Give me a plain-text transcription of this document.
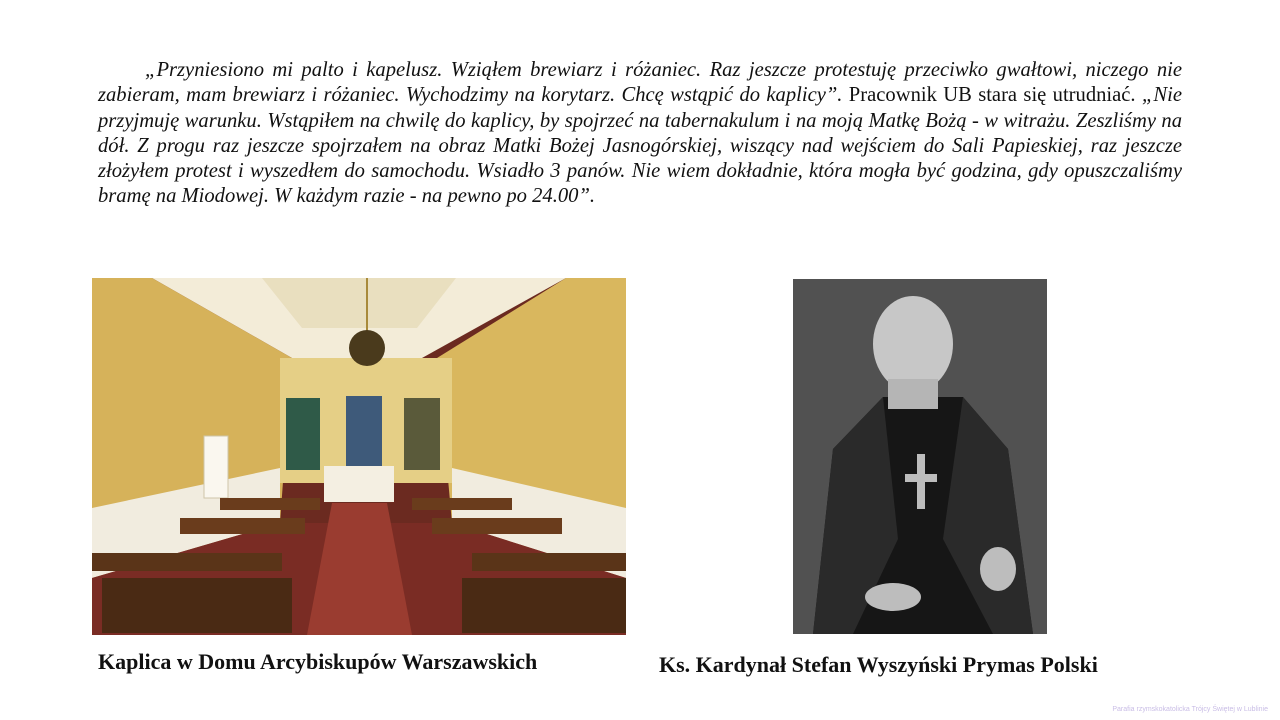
„Przyniesiono mi palto i kapelusz. Wziąłem brewiarz i różaniec. Raz jeszcze protestuję przeciwko gwałtowi, niczego nie zabieram, mam brewiarz i różaniec. Wychodzimy na korytarz. Chcę wstąpić do kaplicy”. Pracownik UB stara się utrudniać. „Nie przyjmuję warunku. Wstąpiłem na chwilę do kaplicy, by spojrzeć na tabernakulum i na moją Matkę Bożą - w witrażu. Zeszliśmy na dół. Z progu raz jeszcze spojrzałem na obraz Matki Bożej Jasnogórskiej, wiszący nad wejściem do Sali Papieskiej, raz jeszcze złożyłem protest i wyszedłem do samochodu. Wsiadło 3 panów. Nie wiem dokładnie, która mogła być godzina, gdy opuszczaliśmy bramę na Miodowej. W każdym razie - na pewno po 24.00”.
Kaplica w Domu Arcybiskupów Warszawskich	Ks. Kardynał Stefan Wyszyński Prymas Polski
Parafia rzymskokatolicka Trójcy Świętej w Lublinie
